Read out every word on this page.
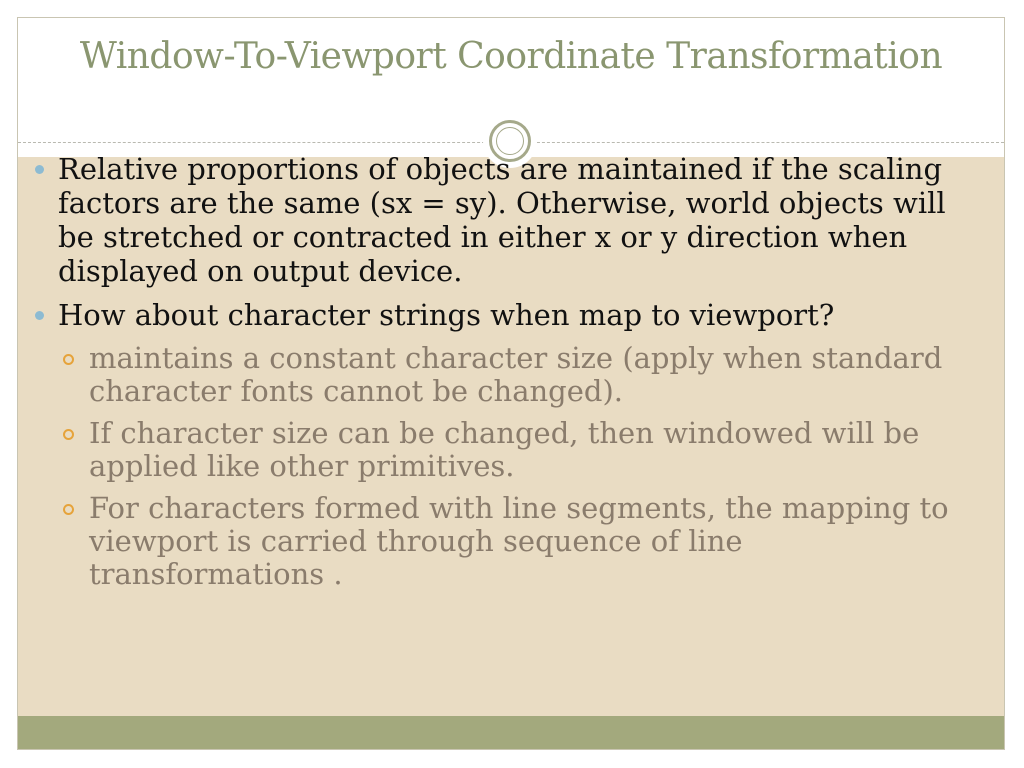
Window-To-Viewport Coordinate Transformation
Relative proportions of objects are maintained if the scaling factors are the same (sx = sy). Otherwise, world objects will be stretched or contracted in either x or y direction when displayed on output device.
How about character strings when map to viewport?
maintains a constant character size (apply when standard character fonts cannot be changed).
If character size can be changed, then windowed will be applied like other primitives.
For characters formed with line segments, the mapping to viewport is carried through sequence of line transformations .
